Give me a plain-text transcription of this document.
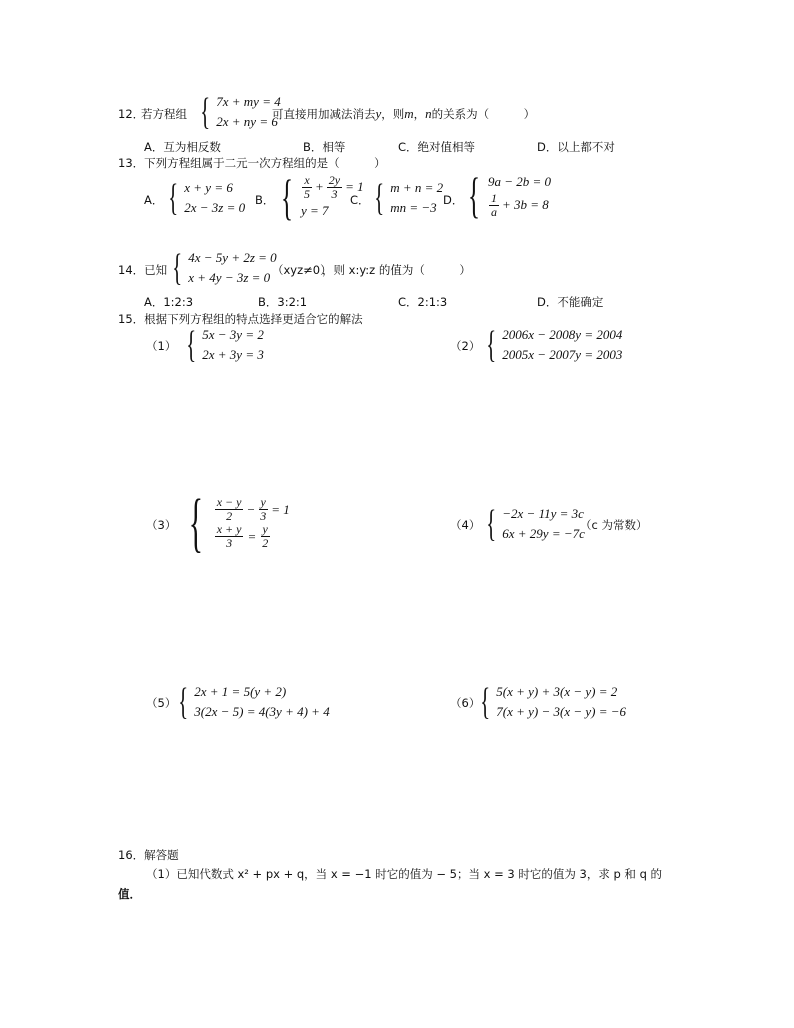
12．
若方程组 { 7x + my = 4
2x + ny = 6
可直接用加减法消去y，则m，n的关系为（　　　）
A．互为相反数	B．相等	C．绝对值相等	D．以上都不对
13．下列方程组属于二元一次方程组的是（　　　）
A． { x + y = 6
2x − 3z = 0 B． { $\frac{x}{5} + \frac{2y}{3} = 1$
y = 7
C． { m + n = 2
mn = −3 D． { 9a − 2b = 0
$\frac{1}{a} + 3b = 8$
14．已知 { 4x − 5y + 2z = 0
x + 4y − 3z = 0 （xyz≠0）
，则 x:y:z 的值为（　　　）
A．1:2:3	B．3:2:1	C．2:1:3	D．不能确定
15．根据下列方程组的特点选择更适合它的解法
（1） { 5x − 3y = 2
2x + 3y = 3
（2） { 2006x − 2008y = 2004
2005x − 2007y = 2003
（3） { $\frac{x - y}{2} - \frac{y}{3} = 1$
$\frac{x + y}{3} = \frac{y}{2}$	（4） { −2x − 11y = 3c
6x + 29y = −7c
（c 为常数）
（5） { 2x + 1 = 5(y + 2)
3(2x − 5) = 4(3y + 4) + 4
（6） { 5(x + y) + 3(x − y) = 2
7(x + y) − 3(x − y) = −6
16．解答题
（1）已知代数式 x² + px + q，当 x = −1 时它的值为 − 5；当 x = 3 时它的值为 3，求 p 和 q 的
值．
